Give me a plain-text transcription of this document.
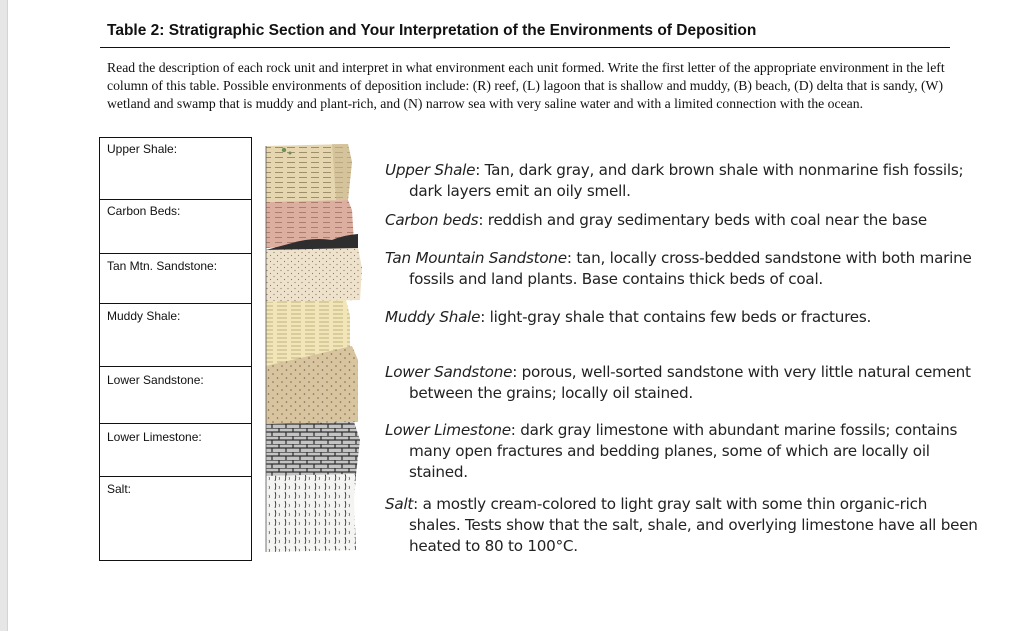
Table 2: Stratigraphic Section and Your Interpretation of the Environments of Deposition
Read the description of each rock unit and interpret in what environment each unit formed. Write the first letter of the appropriate environment in the left column of this table. Possible environments of deposition include: (R) reef, (L) lagoon that is shallow and muddy, (B) beach, (D) delta that is sandy, (W) wetland and swamp that is muddy and plant-rich, and (N) narrow sea with very saline water and with a limited connection with the ocean.
Upper Shale:
Carbon Beds:
Tan Mtn. Sandstone:
Muddy Shale:
Lower Sandstone:
Lower Limestone:
Salt:
Upper Shale: Tan, dark gray, and dark brown shale with nonmarine fish fossils; dark layers emit an oily smell.
Carbon beds: reddish and gray sedimentary beds with coal near the base
Tan Mountain Sandstone: tan, locally cross-bedded sandstone with both marine fossils and land plants. Base contains thick beds of coal.
Muddy Shale: light-gray shale that contains few beds or fractures.
Lower Sandstone: porous, well-sorted sandstone with very little natural cement between the grains; locally oil stained.
Lower Limestone: dark gray limestone with abundant marine fossils; contains many open fractures and bedding planes, some of which are locally oil stained.
Salt: a mostly cream-colored to light gray salt with some thin organic-rich shales. Tests show that the salt, shale, and overlying limestone have all been heated to 80 to 100°C.
